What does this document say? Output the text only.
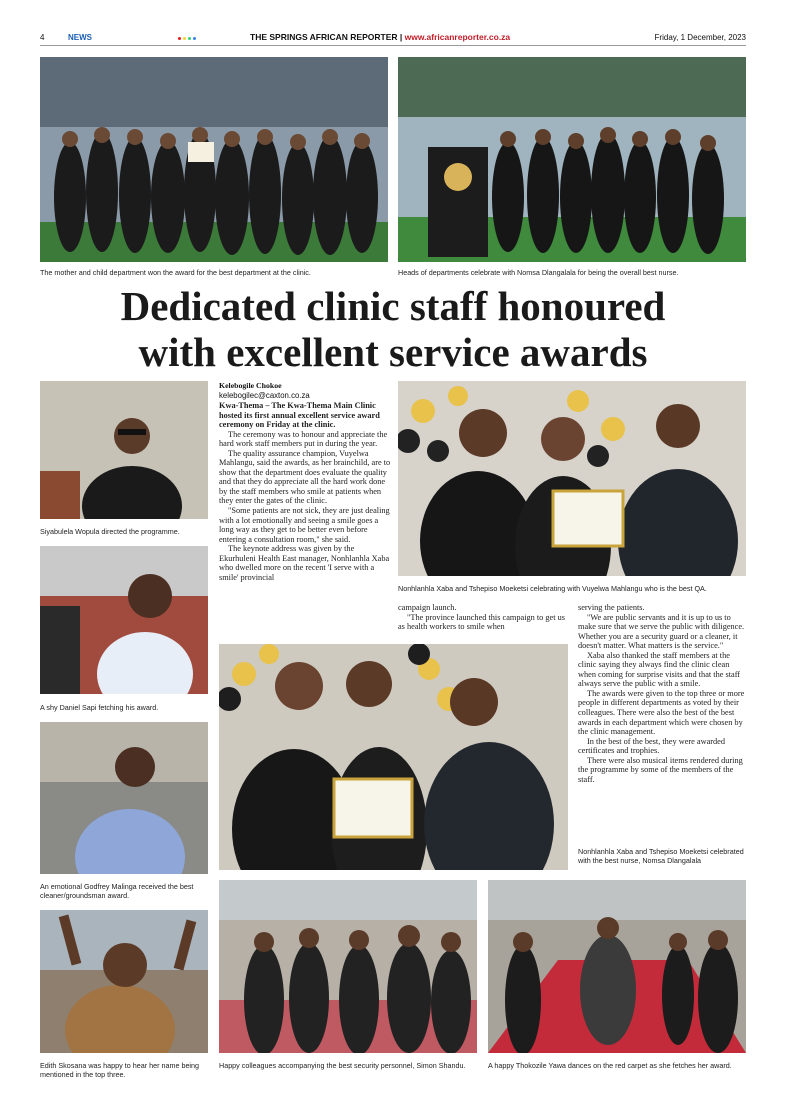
4	NEWS	THE SPRINGS AFRICAN REPORTER | www.africanreporter.co.za	Friday, 1 December, 2023
The mother and child department won the award for the best department at the clinic.	Heads of departments celebrate with Nomsa Dlangalala for being the overall best nurse.
Dedicated clinic staff honoured
with excellent service awards
Siyabulela Wopula directed the programme.
A shy Daniel Sapi fetching his award.
An emotional Godfrey Malinga received the best cleaner/groundsman award.
Kelebogile Chokoe
kelebogilec@caxton.co.za

Kwa-Thema – The Kwa-Thema Main Clinic hosted its first annual excellent service award ceremony on Friday at the clinic.

The ceremony was to honour and appreciate the hard work staff members put in during the year.

The quality assurance champion, Vuyelwa Mahlangu, said the awards, as her brainchild, are to show that the department does evaluate the quality and that they do appreciate all the hard work done by the staff members who smile at patients when they enter the gates of the clinic.

"Some patients are not sick, they are just dealing with a lot emotionally and seeing a smile goes a long way as they get to be better even before entering a consultation room," she said.

The keynote address was given by the Ekurhuleni Health East manager, Nonhlanhla Xaba who dwelled more on the recent 'I serve with a smile' provincial

Nonhlanhla Xaba and Tshepiso Moeketsi celebrating with Vuyelwa Mahlangu who is the best QA.

campaign launch.

"The province launched this campaign to get us as health workers to smile when

serving the patients.

"We are public servants and it is up to us to make sure that we serve the public with diligence. Whether you are a security guard or a cleaner, it doesn't matter. What matters is the service."

Xaba also thanked the staff members at the clinic saying they always find the clinic clean when coming for surprise visits and that the staff always serve the public with a smile.

The awards were given to the top three or more people in different departments as voted by their colleagues. There were also the best of the best awards in each department which were chosen by the clinic management.

In the best of the best, they were awarded certificates and trophies.

There were also musical items rendered during the programme by some of the members of the staff.

Nonhlanhla Xaba and Tshepiso Moeketsi celebrated with the best nurse, Nomsa Dlangalala
Edith Skosana was happy to hear her name being mentioned in the top three.
Happy colleagues accompanying the best security personnel, Simon Shandu.	A happy Thokozile Yawa dances on the red carpet as she fetches her award.
